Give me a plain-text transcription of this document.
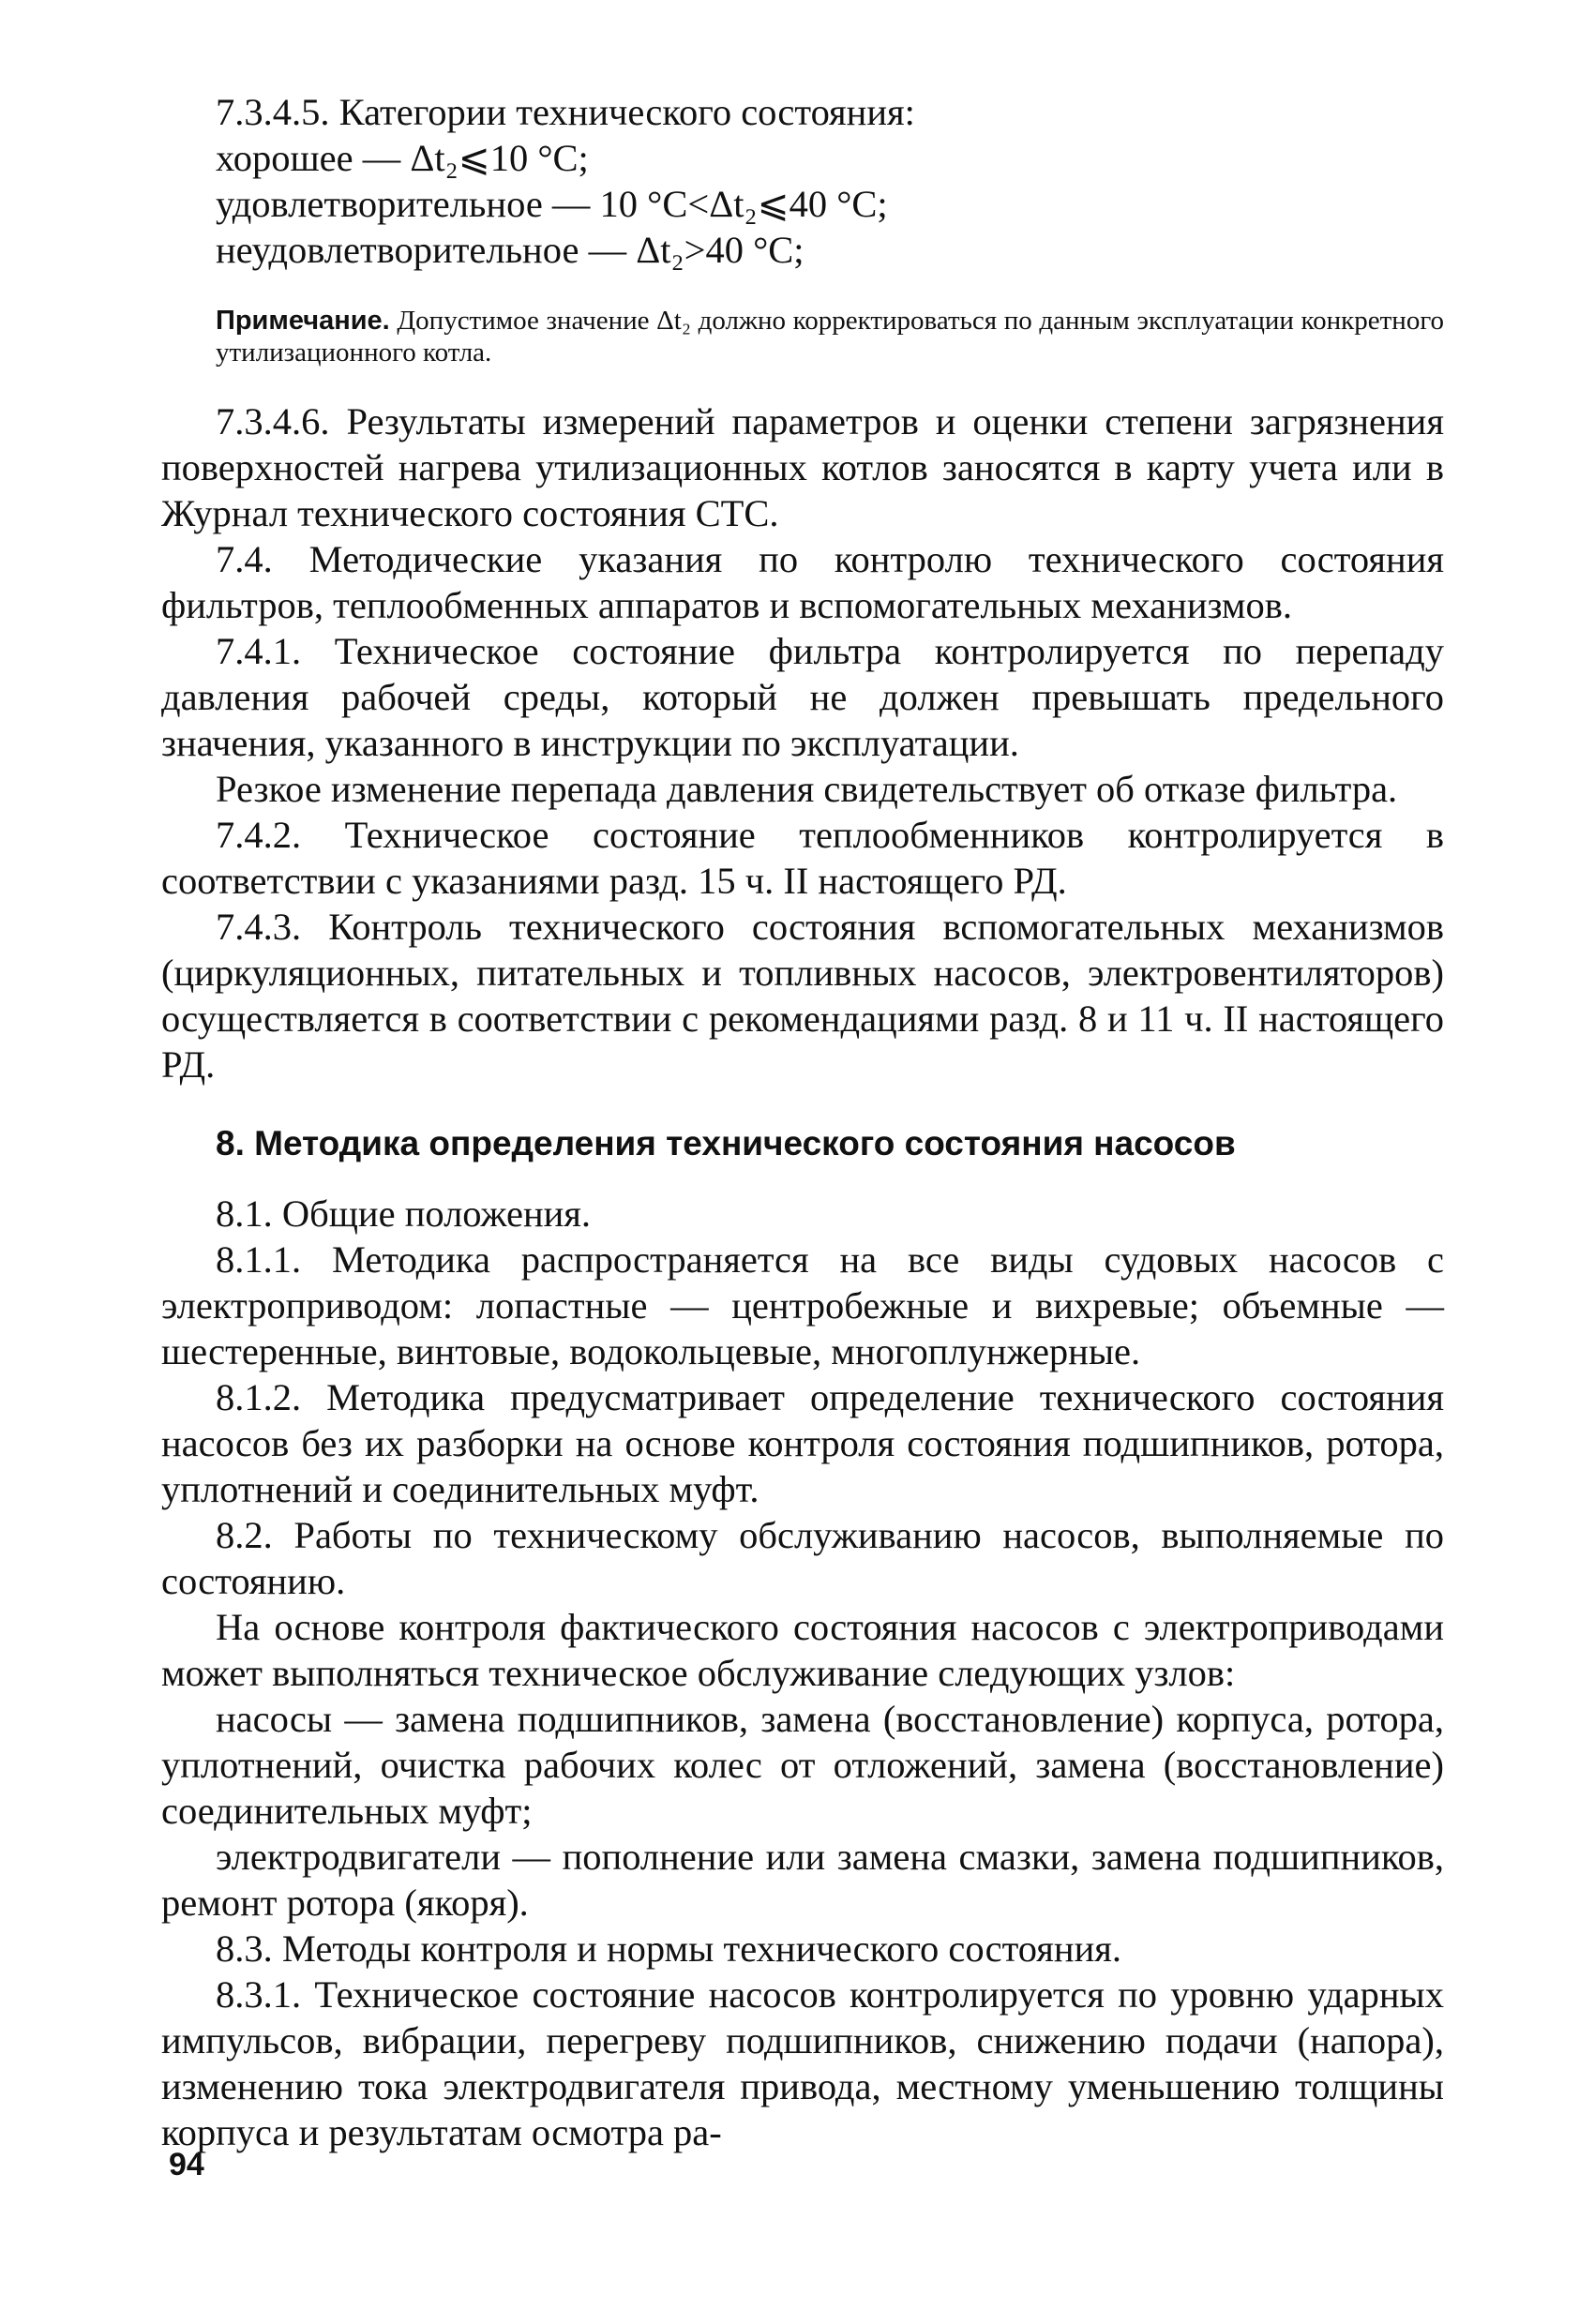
7.3.4.5. Категории технического состояния:

хорошее — Δt₂⩽10 °С;

удовлетворительное — 10 °С<Δt₂⩽40 °С;

неудовлетворительное — Δt₂>40 °С;

Примечание. Допустимое значение Δt₂ должно корректироваться по данным эксплуатации конкретного утилизационного котла.

7.3.4.6. Результаты измерений параметров и оценки степени загрязнения поверхностей нагрева утилизационных котлов заносятся в карту учета или в Журнал технического состояния СТС.

7.4. Методические указания по контролю технического состояния фильтров, теплообменных аппаратов и вспомогательных механизмов.

7.4.1. Техническое состояние фильтра контролируется по перепаду давления рабочей среды, который не должен превышать предельного значения, указанного в инструкции по эксплуатации.

Резкое изменение перепада давления свидетельствует об отказе фильтра.

7.4.2. Техническое состояние теплообменников контролируется в соответствии с указаниями разд. 15 ч. II настоящего РД.

7.4.3. Контроль технического состояния вспомогательных механизмов (циркуляционных, питательных и топливных насосов, электровентиляторов) осуществляется в соответствии с рекомендациями разд. 8 и 11 ч. II настоящего РД.

8. Методика определения технического состояния насосов

8.1. Общие положения.

8.1.1. Методика распространяется на все виды судовых насосов с электроприводом: лопастные — центробежные и вихревые; объемные — шестеренные, винтовые, водокольцевые, многоплунжерные.

8.1.2. Методика предусматривает определение технического состояния насосов без их разборки на основе контроля состояния подшипников, ротора, уплотнений и соединительных муфт.

8.2. Работы по техническому обслуживанию насосов, выполняемые по состоянию.

На основе контроля фактического состояния насосов с электроприводами может выполняться техническое обслуживание следующих узлов:

насосы — замена подшипников, замена (восстановление) корпуса, ротора, уплотнений, очистка рабочих колес от отложений, замена (восстановление) соединительных муфт;

электродвигатели — пополнение или замена смазки, замена подшипников, ремонт ротора (якоря).

8.3. Методы контроля и нормы технического состояния.

8.3.1. Техническое состояние насосов контролируется по уровню ударных импульсов, вибрации, перегреву подшипников, снижению подачи (напора), изменению тока электродвигателя привода, местному уменьшению толщины корпуса и результатам осмотра ра-

94
